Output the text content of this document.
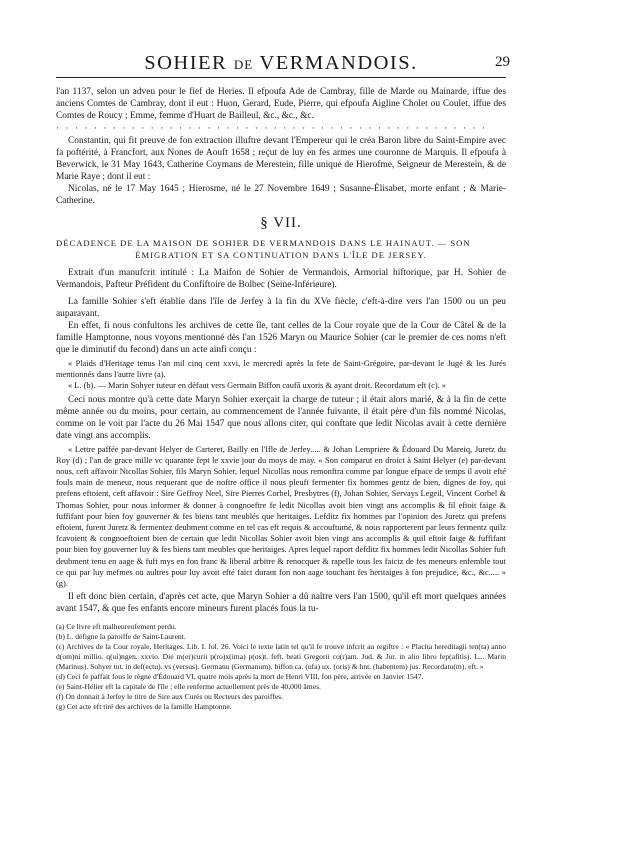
SOHIER DE VERMANDOIS.	29

l'an 1137, selon un adveu pour le fief de Heries. Il efpoufa Ade de Cambray, fille de Marde ou Mainarde, iffue des anciens Comtes de Cambray, dont il eut : Huon, Gerard, Eude, Pierre, qui efpoufa Aigline Cholet ou Coulet, iffue des Comtes de Roucy ; Emme, femme d'Huart de Bailleul, &c., &c., &c.

· · · · · · · · · · · · · · · · · · · · · · · · · · · · · · · · · · · · · · · · · · · · · ·

Constantin, qui fit preuve de fon extraction illuftre devant l'Empereur qui le créa Baron libre du Saint-Empire avec fa poftérité, à Francfort, aux Nones de Aouft 1658 ; reçut de luy en fes armes une couronne de Marquis. Il efpoufa à Beverwick, le 31 May 1643, Catherine Coymans de Merestein, fille unique de Hierofme, Seigneur de Merestein, & de Marie Raye ; dont il eut :

Nicolas, né le 17 May 1645 ; Hierosme, né le 27 Novembre 1649 ; Susanne-Élisabet, morte enfant ; & Marie-Catherine.

§ VII.
DÉCADENCE DE LA MAISON DE SOHIER DE VERMANDOIS DANS LE HAINAUT. — SON
ÉMIGRATION ET SA CONTINUATION DANS L'ÎLE DE JERSEY.

Extrait d'un manufcrit intitulé : La Maifon de Sohier de Vermandois, Armorial hiftorique, par H. Sohier de Vermandois, Pafteur Préfident du Confiftoire de Bolbec (Seine-Inférieure).

La famille Sohier s'eft établie dans l'île de Jerfey à la fin du XVe fiècle, c'eft-à-dire vers l'an 1500 ou un peu auparavant.

En effet, fi nous confultons les archives de cette île, tant celles de la Cour royale que de la Cour de Câtel & de la famille Hamptonne, nous voyons mentionné dès l'an 1526 Maryn ou Maurice Sohier (car le premier de ces noms n'eft que le diminutif du fecond) dans un acte ainfi conçu :

« Plaids d'Heritage tenus l'an mil cinq cent xxvi, le mercredi après la fete de Saint-Grégoire, par-devant le Jugé & les Jurés mentionnés dans l'autre livre (a).

« L. (b). — Marin Sohyer tuteur en défaut vers Germain Biffon caufâ uxoris & ayant droit. Recordatum eft (c). »

Ceci nous montre qu'à cette date Maryn Sohier exerçait la charge de tuteur ; il était alors marié, & à la fin de cette même année ou du moins, pour certain, au commencement de l'année fuivante, il était père d'un fils nommé Nicolas, comme on le voit par l'acte du 26 Mai 1547 que nous allons citer, qui conftate que ledit Nicolas avait à cette dernière date vingt ans accomplis.

« Lettre paffée par-devant Helyer de Carteret, Bailly en l'Ifle de Jerfey..... & Johan Lempriere & Édouard Du Mareiq, Juretz du Roy (d) ; l'an de grace mille vc quarante fept le xxvie jour du moys de may. « Son comparut en droict à Saint Helyer (e) par-devant nous, ceft affavoir Nicollas Sohier, fils Maryn Sohier, lequel Nicollas nous remonftra comme par longue efpace de temps il avoit efté fouls main de meneur, nous requerant que de noftre office il nous pleuft fermenter fix hommes gentz de bien, dignes de foy, qui prefens eftoient, ceft affavoir : Sire Geffroy Neel, Sire Pierres Corbel, Presbytres (f), Johan Sohier, Servays Legeil, Vincent Corbel & Thomas Sohier, pour nous informer & donner à congnoeftre fe ledit Nicollas avoit bien vingt ans accomplis & fil eftoit faige & fuffifant pour bien foy gouverner & fes biens tant meublés que heritaiges. Lefditz fix hommes par l'opinion des Juretz qui prefens eftoient, furent Juretz & fermentez deubment comme en tel cas eft requis & accouftumé, & nous rapporterent par leurs fermentz quilz fcavoient & congnoeftoient bien de certain que ledit Nicollas Sohier avoit bien vingt ans accomplis & quil eftoit faige & fuffifant pour bien foy gouverner luy & fes biens tant meubles que heritaiges. Apres lequel raport defditz fix hommes ledit Nicollas Sohier fuft deubment tenu en aage & fuft mys en fon franc & liberal arbitre & renocquer & rapelle tous les faictz de fes meneurs enfemble tout ce qui par luy mefmes ou aultres pour luy avoit efté faict durant fon non aage touchant fes heritaiges à fon prejudice, &c., &c..... » (g).

Il eft donc bien certain, d'après cet acte, que Maryn Sohier a dû naître vers l'an 1500, qu'il eft mort quelques années avant 1547, & que fes enfants encore mineurs furent placés fous la tu-

(a) Ce livre eft malheureufement perdu.

(b) L. défigne la paroiffe de Saint-Laurent.

(c) Archives de la Cour royale, Heritages. Lib. I. fol. 26. Voici le texte latin tel qu'il fe trouve infcrit au regiftre : « Placita hereditagii ten(ta) anno d(om)ni millio. q(ui)ngen. xxvio. Die m(er)curii p(ro)x(ima) p(os)t. feft. beati Gregorii co(r)am. Jud. & Jur. in alio libro fep(afitis). L... Marin (Marinus). Sohyer tut. in def(ectu). vs (versus). Germanu (Germanum). biffon ca. (ufa) ux. (oris) & hnt. (habentem) jus. Recordatu(m). eft. »

(d) Ceci fe paffait fous le règne d'Édouard VI, quatre mois après la mort de Henri VIII, fon père, arrivée en Janvier 1547.

(e) Saint-Hélier eft la capitale de l'île ; elle renferme actuellement près de 40,000 âmes.

(f) On donnait à Jerfey le titre de Sire aux Curés ou Recteurs des paroiffes.

(g) Cet acte eft tiré des archives de la famille Hamptonne.
